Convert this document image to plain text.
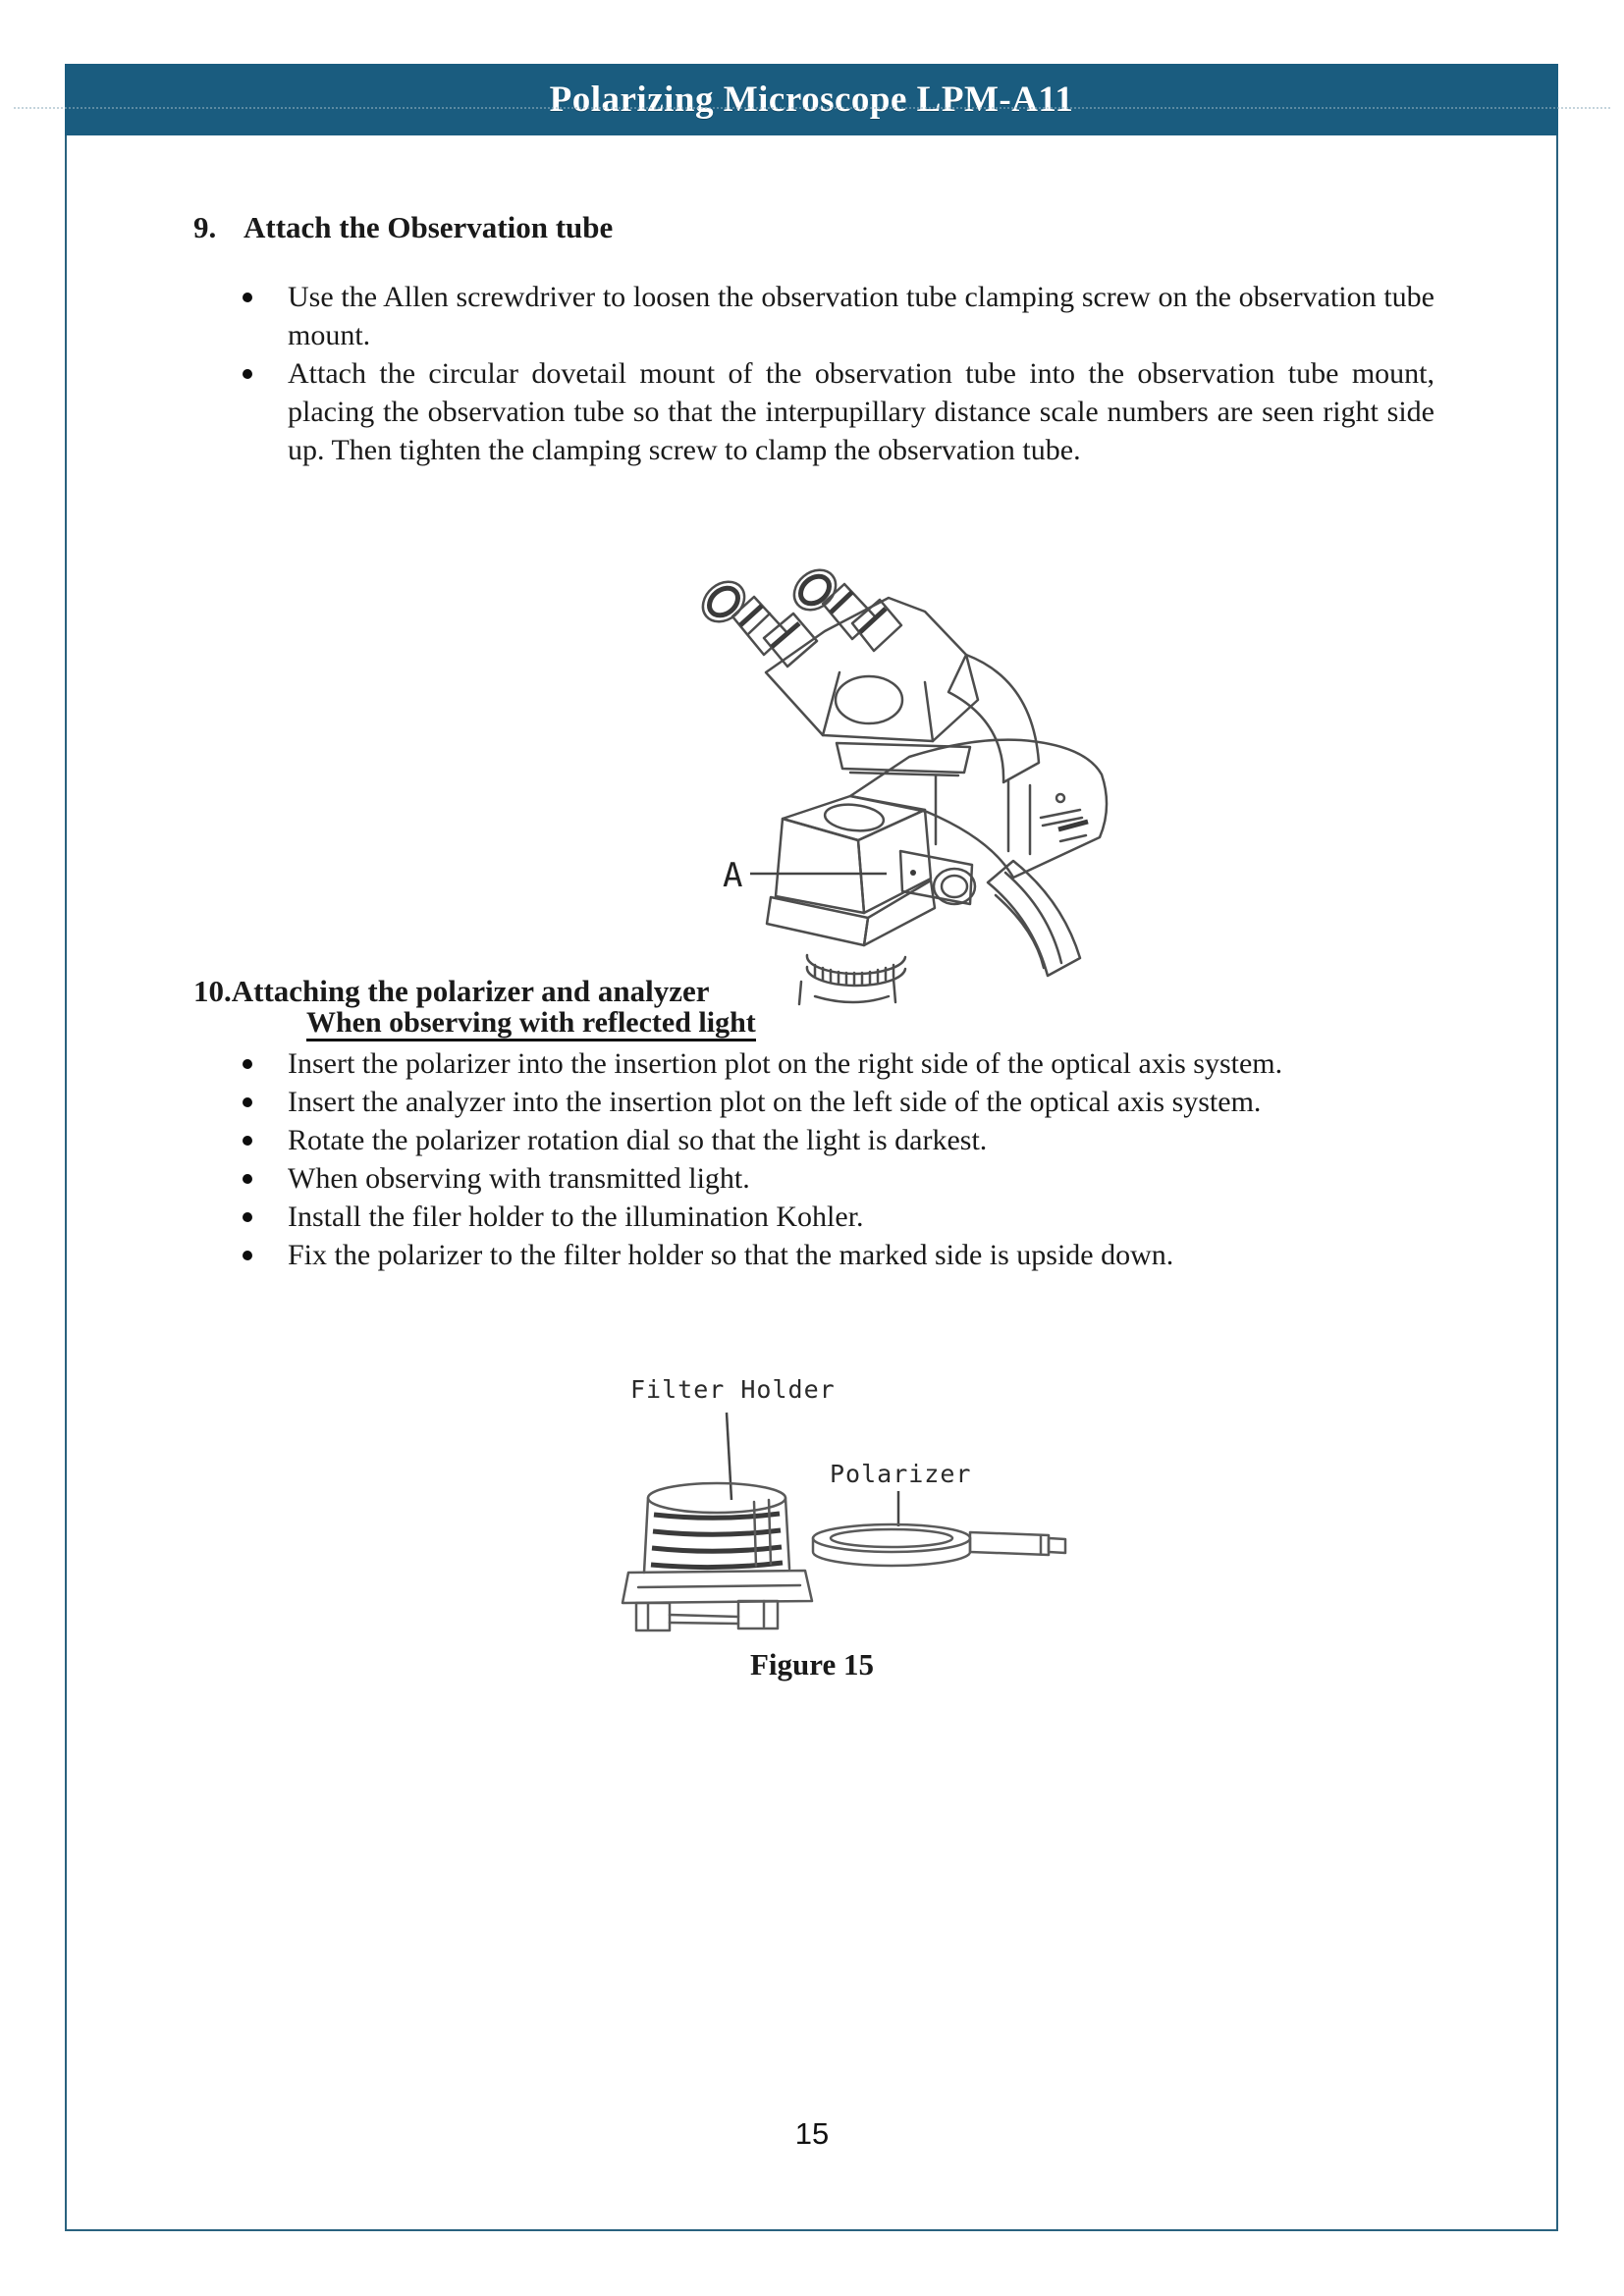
Polarizing Microscope LPM-A11
9. Attach the Observation tube
Use the Allen screwdriver to loosen the observation tube clamping screw on the observation tube mount.
Attach the circular dovetail mount of the observation tube into the observation tube mount, placing the observation tube so that the interpupillary distance scale numbers are seen right side up. Then tighten the clamping screw to clamp the observation tube.
A
10.Attaching the polarizer and analyzer
When observing with reflected light
Insert the polarizer into the insertion plot on the right side of the optical axis system.
Insert the analyzer into the insertion plot on the left side of the optical axis system.
Rotate the polarizer rotation dial so that the light is darkest.
When observing with transmitted light.
Install the filer holder to the illumination Kohler.
Fix the polarizer to the filter holder so that the marked side is upside down.
Filter Holder
Polarizer
Figure 15
15
